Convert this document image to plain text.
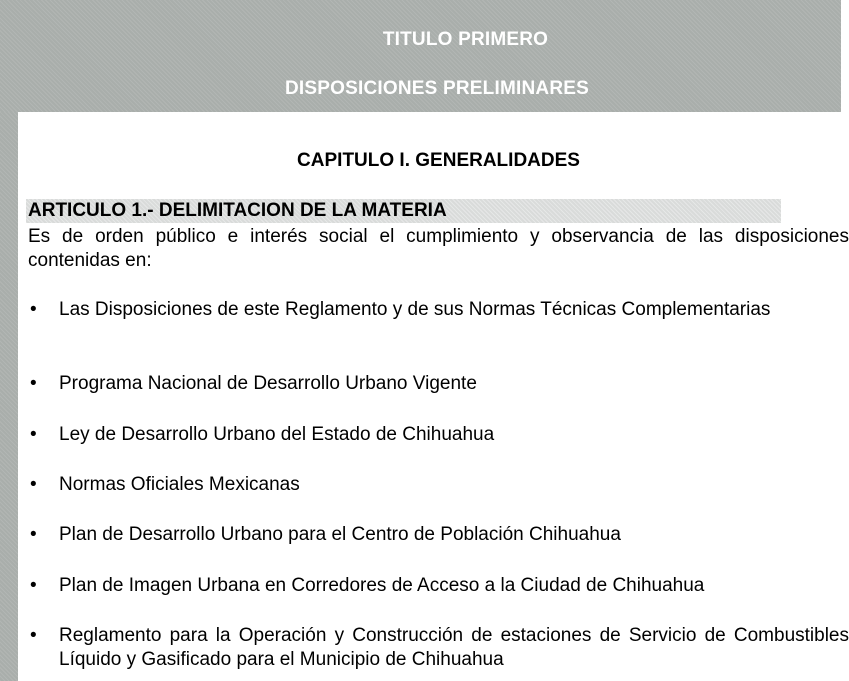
TITULO PRIMERO
DISPOSICIONES PRELIMINARES
CAPITULO I. GENERALIDADES
ARTICULO 1.- DELIMITACION DE LA MATERIA
Es de orden público e interés social el cumplimiento y observancia de las disposiciones contenidas en:
•	Las Disposiciones de este Reglamento y de sus Normas Técnicas Complementarias
•	Programa Nacional de Desarrollo Urbano Vigente
•	Ley de Desarrollo Urbano del Estado de Chihuahua
•	Normas Oficiales Mexicanas
•	Plan de Desarrollo Urbano para el Centro de Población Chihuahua
•	Plan de Imagen Urbana en Corredores de Acceso a la Ciudad de Chihuahua
•	Reglamento para la Operación y Construcción de estaciones de Servicio de Combustibles Líquido y Gasificado para el Municipio de Chihuahua
